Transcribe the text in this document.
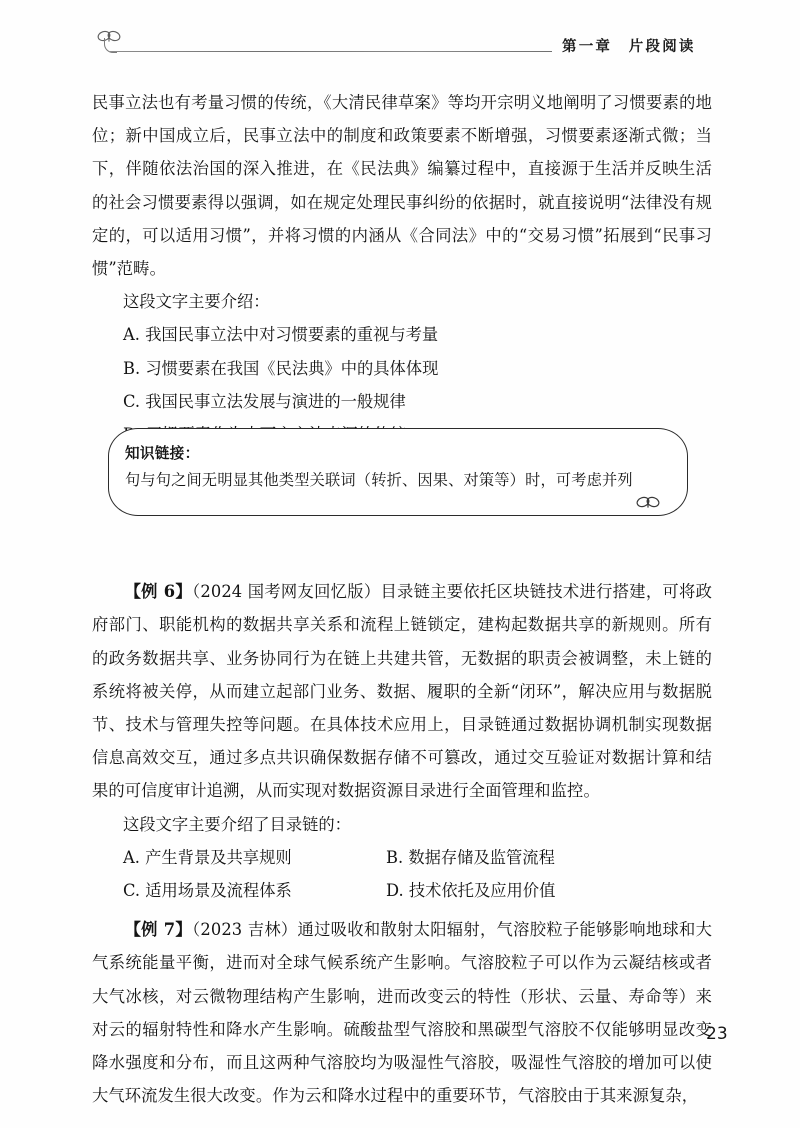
第一章　片段阅读

民事立法也有考量习惯的传统，《大清民律草案》等均开宗明义地阐明了习惯要素的地位；新中国成立后，民事立法中的制度和政策要素不断增强，习惯要素逐渐式微；当下，伴随依法治国的深入推进，在《民法典》编纂过程中，直接源于生活并反映生活的社会习惯要素得以强调，如在规定处理民事纠纷的依据时，就直接说明“法律没有规定的，可以适用习惯”，并将习惯的内涵从《合同法》中的“交易习惯”拓展到“民事习惯”范畴。

这段文字主要介绍：

A. 我国民事立法中对习惯要素的重视与考量

B. 习惯要素在我国《民法典》中的具体体现

C. 我国民事立法发展与演进的一般规律

【例 6】（2024 国考网友回忆版）目录链主要依托区块链技术进行搭建，可将政府部门、职能机构的数据共享关系和流程上链锁定，建构起数据共享的新规则。所有的政务数据共享、业务协同行为在链上共建共管，无数据的职责会被调整，未上链的系统将被关停，从而建立起部门业务、数据、履职的全新“闭环”，解决应用与数据脱节、技术与管理失控等问题。在具体技术应用上，目录链通过数据协调机制实现数据信息高效交互，通过多点共识确保数据存储不可篡改，通过交互验证对数据计算和结果的可信度审计追溯，从而实现对数据资源目录进行全面管理和监控。

这段文字主要介绍了目录链的：

A. 产生背景及共享规则	B. 数据存储及监管流程
C. 适用场景及流程体系	D. 技术依托及应用价值

【例 7】（2023 吉林）通过吸收和散射太阳辐射，气溶胶粒子能够影响地球和大气系统能量平衡，进而对全球气候系统产生影响。气溶胶粒子可以作为云凝结核或者大气冰核，对云微物理结构产生影响，进而改变云的特性（形状、云量、寿命等）来对云的辐射特性和降水产生影响。硫酸盐型气溶胶和黑碳型气溶胶不仅能够明显改变降水强度和分布，而且这两种气溶胶均为吸湿性气溶胶，吸湿性气溶胶的增加可以使大气环流发生很大改变。作为云和降水过程中的重要环节，气溶胶由于其来源复杂，

知识链接：
句与句之间无明显其他类型关联词（转折、因果、对策等）时，可考虑并列
23
